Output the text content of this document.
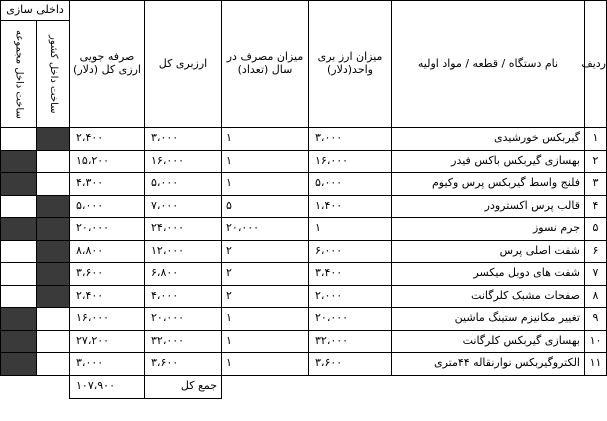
ردیف	نام دستگاه / قطعه / مواد اولیه	میزان ارز بری واحد(دلار)	میزان مصرف در سال (تعداد)	ارزبری کل	صرفه جویی ارزی کل (دلار)	داخلی سازی	

						ساخت داخل کشور	ساخت داخل مجموعه

۱	گیربکس خورشیدی	۳،۰۰۰	۱	۳،۰۰۰	۲،۴۰۰		
۲	بهسازی گیربکس باکس فیدر	۱۶،۰۰۰	۱	۱۶،۰۰۰	۱۵،۲۰۰		
۳	فلنج واسط گیربکس پرس وکیوم	۵،۰۰۰	۱	۵،۰۰۰	۴،۳۰۰		
۴	قالب پرس اکسترودر	۱،۴۰۰	۵	۷،۰۰۰	۵،۰۰۰		
۵	جرم نسوز	۱	۲۰،۰۰۰	۲۴،۰۰۰	۲۰،۰۰۰		
۶	شفت اصلی پرس	۶،۰۰۰	۲	۱۲،۰۰۰	۸،۸۰۰		
۷	شفت های دوبل میکسر	۳،۴۰۰	۲	۶،۸۰۰	۳،۶۰۰		
۸	صفحات مشبک کلرگانت	۲،۰۰۰	۲	۴،۰۰۰	۲،۴۰۰		
۹	تغییر مکانیزم ستینگ ماشین	۲۰،۰۰۰	۱	۲۰،۰۰۰	۱۶،۰۰۰		
۱۰	بهسازی گیربکس کلرگانت	۳۲،۰۰۰	۱	۳۲،۰۰۰	۲۷،۲۰۰		
۱۱	الکتروگیربکس نوارنقاله ۴۴متری	۳،۶۰۰	۱	۳،۶۰۰	۳،۰۰۰		
				جمع کل	۱۰۷،۹۰۰		
